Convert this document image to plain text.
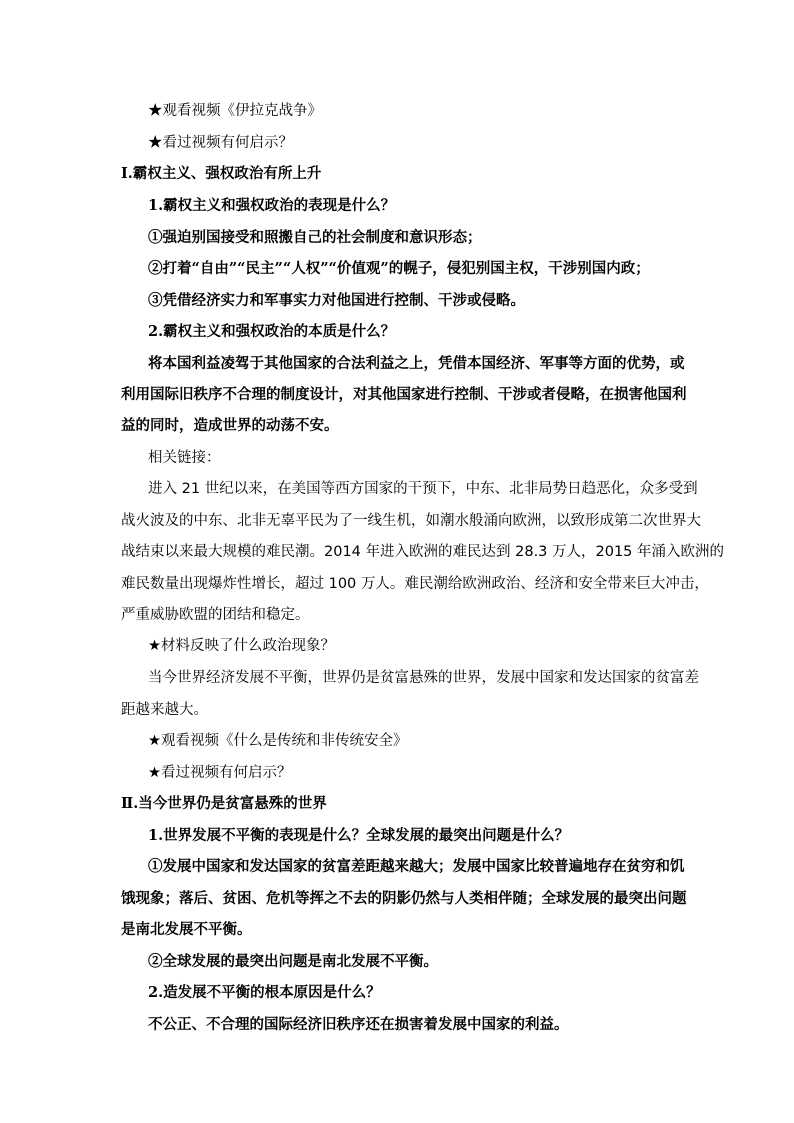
★观看视频《伊拉克战争》
★看过视频有何启示？
Ⅰ.霸权主义、强权政治有所上升
1.霸权主义和强权政治的表现是什么？
①强迫别国接受和照搬自己的社会制度和意识形态；
②打着“自由”“民主”“人权”“价值观”的幌子，侵犯别国主权，干涉别国内政；
③凭借经济实力和军事实力对他国进行控制、干涉或侵略。
2.霸权主义和强权政治的本质是什么？
将本国利益凌驾于其他国家的合法利益之上，凭借本国经济、军事等方面的优势，或
利用国际旧秩序不合理的制度设计，对其他国家进行控制、干涉或者侵略，在损害他国利
益的同时，造成世界的动荡不安。
相关链接：
进入 21 世纪以来，在美国等西方国家的干预下，中东、北非局势日趋恶化，众多受到
战火波及的中东、北非无辜平民为了一线生机，如潮水般涌向欧洲，以致形成第二次世界大
战结束以来最大规模的难民潮。2014 年进入欧洲的难民达到 28.3 万人，2015 年涌入欧洲的
难民数量出现爆炸性增长，超过 100 万人。难民潮给欧洲政治、经济和安全带来巨大冲击，
严重威胁欧盟的团结和稳定。
★材料反映了什么政治现象？
当今世界经济发展不平衡，世界仍是贫富悬殊的世界，发展中国家和发达国家的贫富差
距越来越大。
★观看视频《什么是传统和非传统安全》
★看过视频有何启示？
Ⅱ.当今世界仍是贫富悬殊的世界
1.世界发展不平衡的表现是什么？全球发展的最突出问题是什么？
①发展中国家和发达国家的贫富差距越来越大；发展中国家比较普遍地存在贫穷和饥
饿现象；落后、贫困、危机等挥之不去的阴影仍然与人类相伴随；全球发展的最突出问题
是南北发展不平衡。
②全球发展的最突出问题是南北发展不平衡。
2.造发展不平衡的根本原因是什么？
不公正、不合理的国际经济旧秩序还在损害着发展中国家的利益。
